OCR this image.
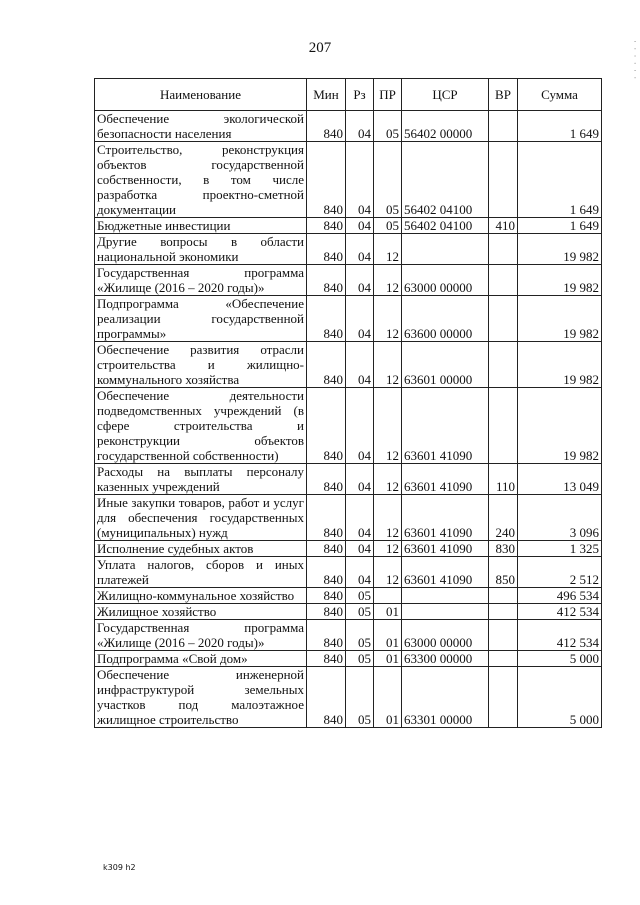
207	· · · · · ·
Наименование	Мин	Рз	ПР	ЦСР	ВР	Сумма
Обеспечение экологической безопасности населения	840	04	05	56402 00000		1 649
Строительство, реконструкция объектов государственной собственности, в том числе разработка проектно-сметной документации	840	04	05	56402 04100		1 649
Бюджетные инвестиции	840	04	05	56402 04100	410	1 649
Другие вопросы в области национальной экономики	840	04	12			19 982
Государственная программа «Жилище (2016 – 2020 годы)»	840	04	12	63000 00000		19 982
Подпрограмма «Обеспечение реализации государственной программы»	840	04	12	63600 00000		19 982
Обеспечение развития отрасли строительства и жилищно-коммунального хозяйства	840	04	12	63601 00000		19 982
Обеспечение деятельности подведомственных учреждений (в сфере строительства и реконструкции объектов государственной собственности)	840	04	12	63601 41090		19 982
Расходы на выплаты персоналу казенных учреждений	840	04	12	63601 41090	110	13 049
Иные закупки товаров, работ и услуг для обеспечения государственных (муниципальных) нужд	840	04	12	63601 41090	240	3 096
Исполнение судебных актов	840	04	12	63601 41090	830	1 325
Уплата налогов, сборов и иных платежей	840	04	12	63601 41090	850	2 512
Жилищно-коммунальное хозяйство	840	05				496 534
Жилищное хозяйство	840	05	01			412 534
Государственная программа «Жилище (2016 – 2020 годы)»	840	05	01	63000 00000		412 534
Подпрограмма «Свой дом»	840	05	01	63300 00000		5 000
Обеспечение инженерной инфраструктурой земельных участков под малоэтажное жилищное строительство	840	05	01	63301 00000		5 000
k309 h2
